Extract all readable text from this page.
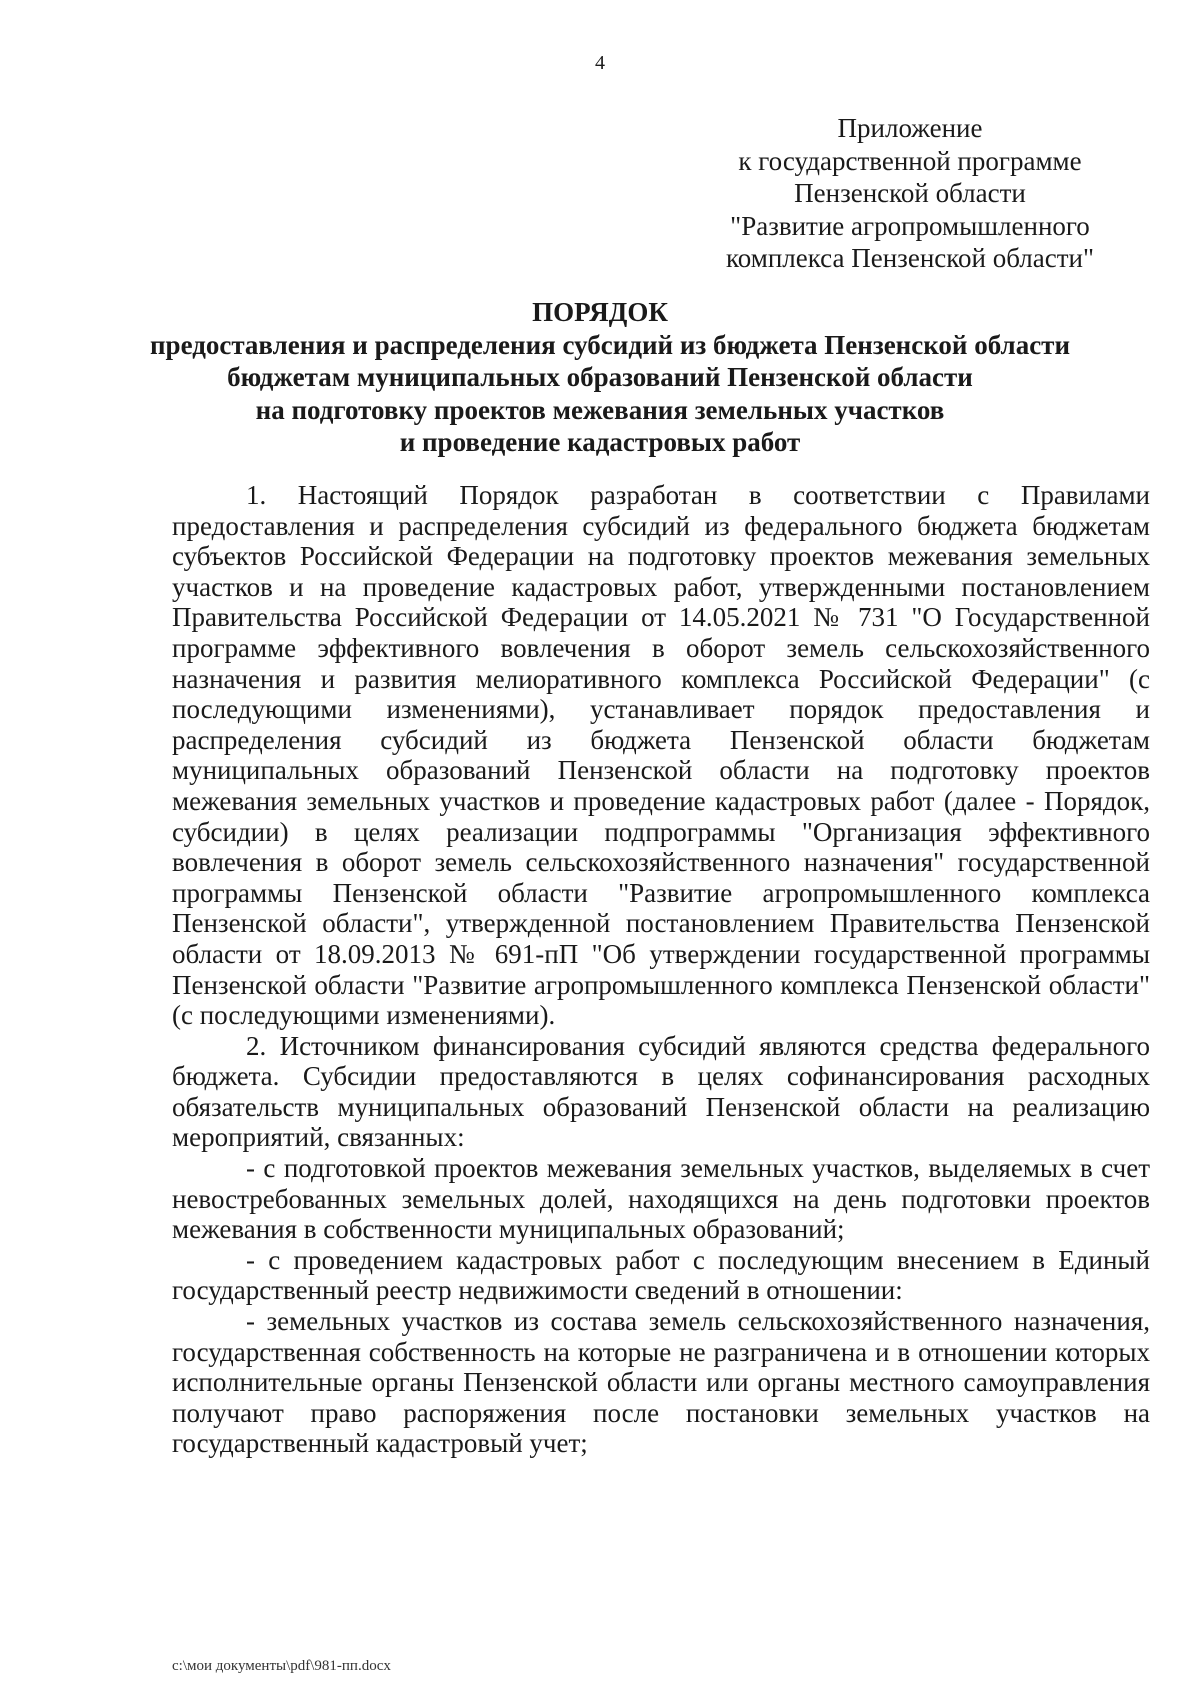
4
Приложение
к государственной программе
Пензенской области
"Развитие агропромышленного
комплекса Пензенской области"
ПОРЯДОК
предоставления и распределения субсидий из бюджета Пензенской области
бюджетам муниципальных образований Пензенской области
на подготовку проектов межевания земельных участков
и проведение кадастровых работ

1. Настоящий Порядок разработан в соответствии с Правилами предоставления и распределения субсидий из федерального бюджета бюджетам субъектов Российской Федерации на подготовку проектов межевания земельных участков и на проведение кадастровых работ, утвержденными постановлением Правительства Российской Федерации от 14.05.2021 № 731 "О Государственной программе эффективного вовлечения в оборот земель сельскохозяйственного назначения и развития мелиоративного комплекса Российской Федерации" (с последующими изменениями), устанавливает порядок предоставления и распределения субсидий из бюджета Пензенской области бюджетам муниципальных образований Пензенской области на подготовку проектов межевания земельных участков и проведение кадастровых работ (далее - Порядок, субсидии) в целях реализации подпрограммы "Организация эффективного вовлечения в оборот земель сельскохозяйственного назначения" государственной программы Пензенской области "Развитие агропромышленного комплекса Пензенской области", утвержденной постановлением Правительства Пензенской области от 18.09.2013 № 691-пП "Об утверждении государственной программы Пензенской области "Развитие агропромышленного комплекса Пензенской области" (с последующими изменениями).

2. Источником финансирования субсидий являются средства федерального бюджета. Субсидии предоставляются в целях софинансирования расходных обязательств муниципальных образований Пензенской области на реализацию мероприятий, связанных:

- с подготовкой проектов межевания земельных участков, выделяемых в счет невостребованных земельных долей, находящихся на день подготовки проектов межевания в собственности муниципальных образований;

- с проведением кадастровых работ с последующим внесением в Единый государственный реестр недвижимости сведений в отношении:

- земельных участков из состава земель сельскохозяйственного назначения, государственная собственность на которые не разграничена и в отношении которых исполнительные органы Пензенской области или органы местного самоуправления получают право распоряжения после постановки земельных участков на государственный кадастровый учет;

c:\мои документы\pdf\981-пп.docx
